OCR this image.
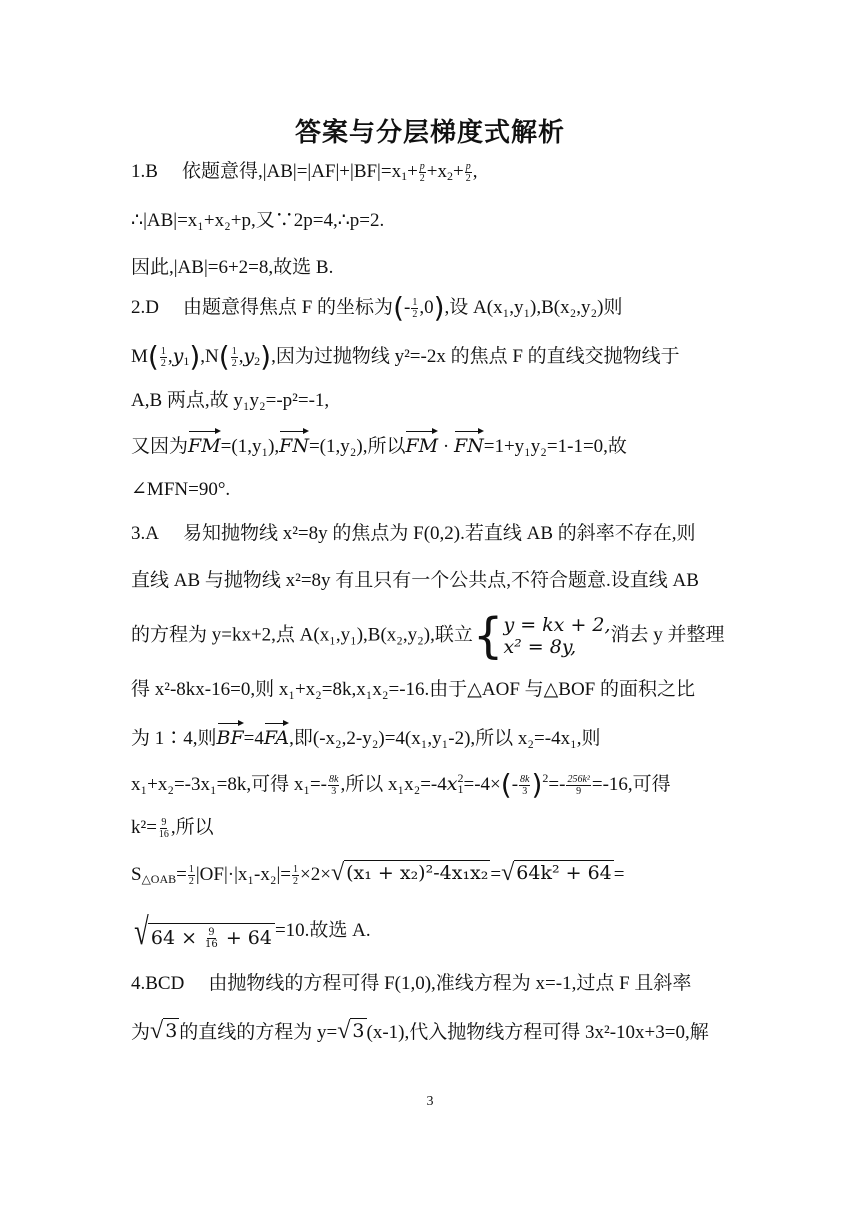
答案与分层梯度式解析
1.B 依题意得$,|AB|=|AF|+|BF|=x_1+ \frac{p}{2} +x_2+ \frac{p}{2}$ ,
∴|AB|=x₁+x₂+p,又∵2p=4,∴p=2.
因此,|AB|=6+2=8,故选 B.
2.D 由题意得焦点 F 的坐标为(- $\frac{1}{2} ,0$),设 A(x₁,y₁),B(x₂,y₂)则
$M( \frac{1}{2} ,y_1),N( \frac{1}{2} ,y_2)$,因为过抛物线 y²=-2x 的焦点 F 的直线交抛物线于
A,B 两点,故 y₁y₂=-p²=-1,
又因为FM=(1,y₁),FN=(1,y₂),所以FM · FN=1+y₁y₂=1-1=0,故
∠MFN=90°.
3.A 易知抛物线 x²=8y 的焦点为 F(0,2).若直线 AB 的斜率不存在,则
直线 AB 与抛物线 x²=8y 有且只有一个公共点,不符合题意.设直线 AB
的方程为 y=kx+2,点 A(x₁,y₁),B(x₂,y₂),联立 { y = kx + 2,
x² = 8y,
消去 y 并整理
得 x²-8kx-16=0,则 x₁+x₂=8k,x₁x₂=-16.由于△AOF 与△BOF 的面积之比
为 1∶4,则BF=4FA,即(-x₂,2-y₂)=4(x₁,y₁-2),所以 x₂=-4x₁,则
x₁+x₂=-3x₁=8k,可得 $x_1=- \frac{8k}{3}$ ,所以 $x_1x_2=-4x^2_1=-4\times(- \frac{8k}{3} )^2=- \frac{\text{256k²}}{9} =-16$,可得
$k^2= \frac{9}{16}$ ,所以
$S_{\triangle OAB}= \frac{1}{2} |OF|\cdot|x_1-x_2|= \frac{1}{2} \times 2\times$ √ (x₁ + x₂)²-4x₁x₂ = √ 64k² + 64 =
√ $64 \times \frac{9}{16} + 64 =10$.故选 A.
4.BCD 由抛物线的方程可得 F(1,0),准线方程为 x=-1,过点 F 且斜率
为 √ 3 的直线的方程为 y= √ 3 (x-1),代入抛物线方程可得 3x²-10x+3=0,解
3
